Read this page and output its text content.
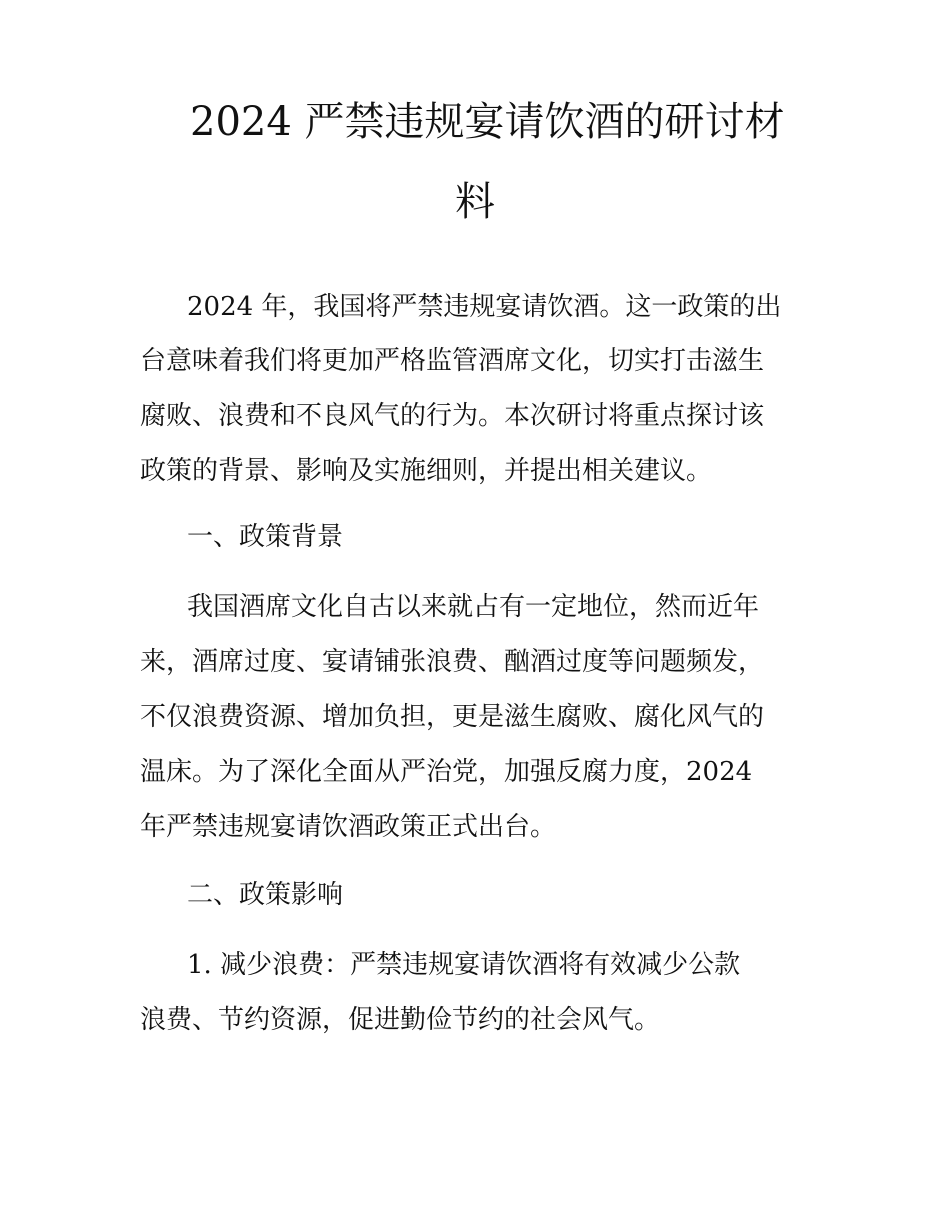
2024 严禁违规宴请饮酒的研讨材
料

2024 年，我国将严禁违规宴请饮酒。这一政策的出

台意味着我们将更加严格监管酒席文化，切实打击滋生

腐败、浪费和不良风气的行为。本次研讨将重点探讨该

政策的背景、影响及实施细则，并提出相关建议。

一、政策背景

我国酒席文化自古以来就占有一定地位，然而近年

来，酒席过度、宴请铺张浪费、酗酒过度等问题频发，

不仅浪费资源、增加负担，更是滋生腐败、腐化风气的

温床。为了深化全面从严治党，加强反腐力度，2024

年严禁违规宴请饮酒政策正式出台。

二、政策影响

1. 减少浪费：严禁违规宴请饮酒将有效减少公款

浪费、节约资源，促进勤俭节约的社会风气。
